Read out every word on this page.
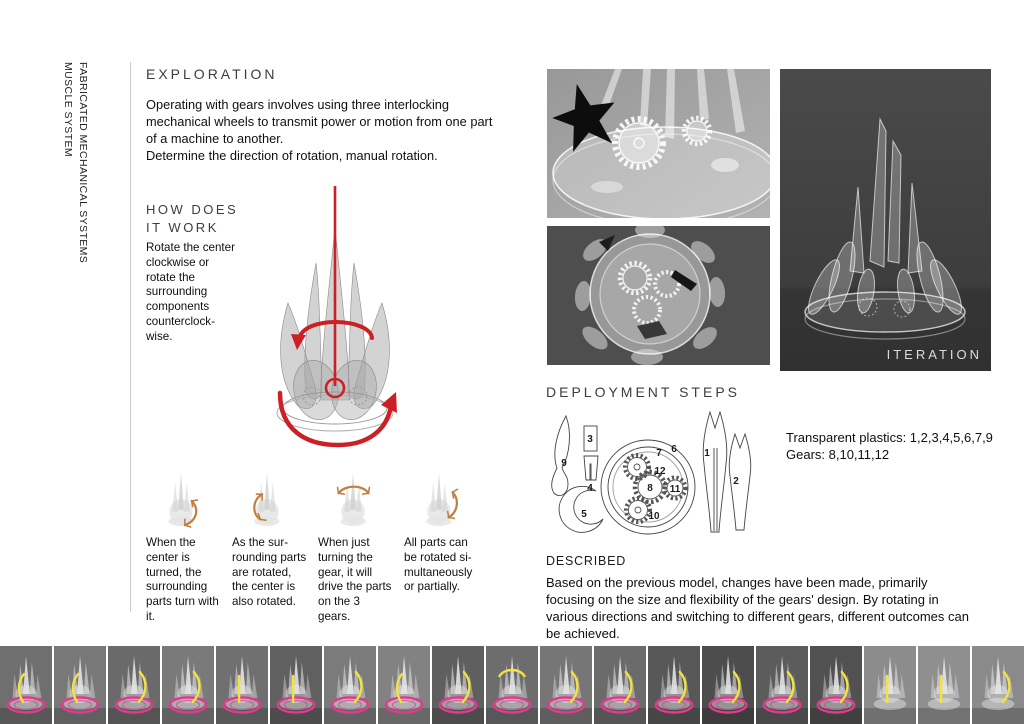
FABRICATED MECHANICAL SYSTEMS
MUSCLE SYSTEM	EXPLORATION
Operating with gears involves using three interlocking mechanical wheels to transmit power or motion from one part of a machine to another.
Determine the direction of rotation, manual rotation.
HOW DOES
IT WORK
Rotate the center clockwise or rotate the surrounding components counterclock-wise.
When the center is turned, the surrounding parts turn with it.
As the sur-rounding parts are rotated, the center is also rotated.
When just turning the gear, it will drive the parts on the 3 gears.
All parts can be rotated si-multaneously or partially.
ITERATION
DEPLOYMENT STEPS
9
3
4
5
7 6
12
8 11
10
1
2
Transparent plastics: 1,2,3,4,5,6,7,9
Gears: 8,10,11,12
DESCRIBED
Based on the previous model, changes have been made, primarily focusing on the size and flexibility of the gears' design. By rotating in various directions and switching to different gears, different outcomes can be achieved.
